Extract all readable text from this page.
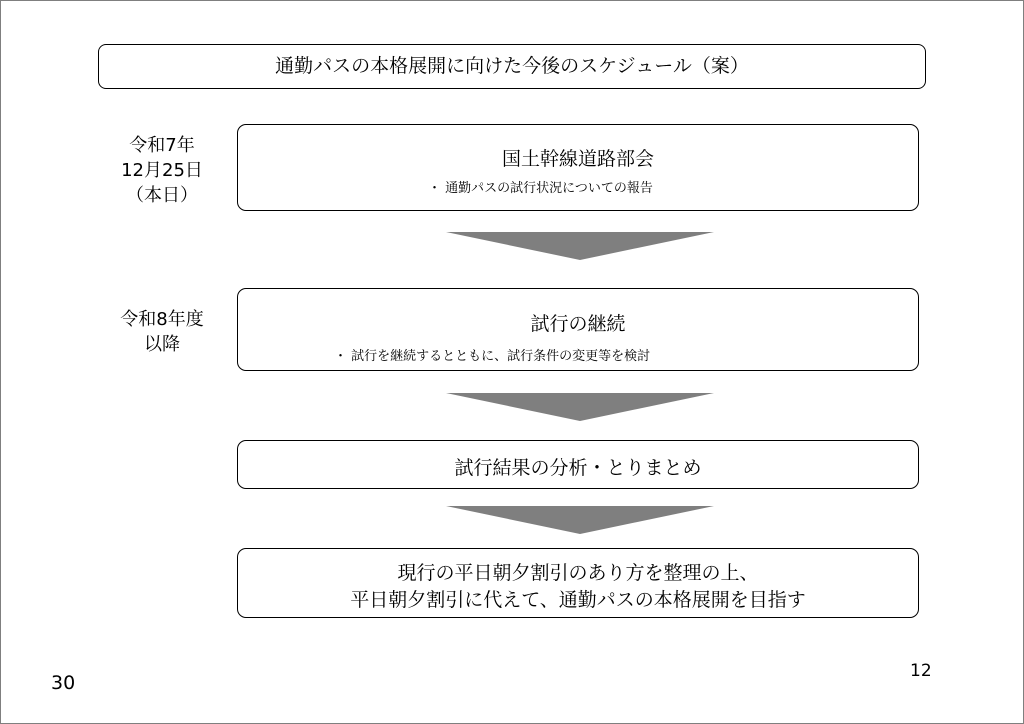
通勤パスの本格展開に向けた今後のスケジュール（案）
令和7年
12月25日
（本日）
国土幹線道路部会
・ 通勤パスの試行状況についての報告
令和8年度
以降
試行の継続
・ 試行を継続するとともに、試行条件の変更等を検討
試行結果の分析・とりまとめ
現行の平日朝夕割引のあり方を整理の上、
平日朝夕割引に代えて、通勤パスの本格展開を目指す
30
12
